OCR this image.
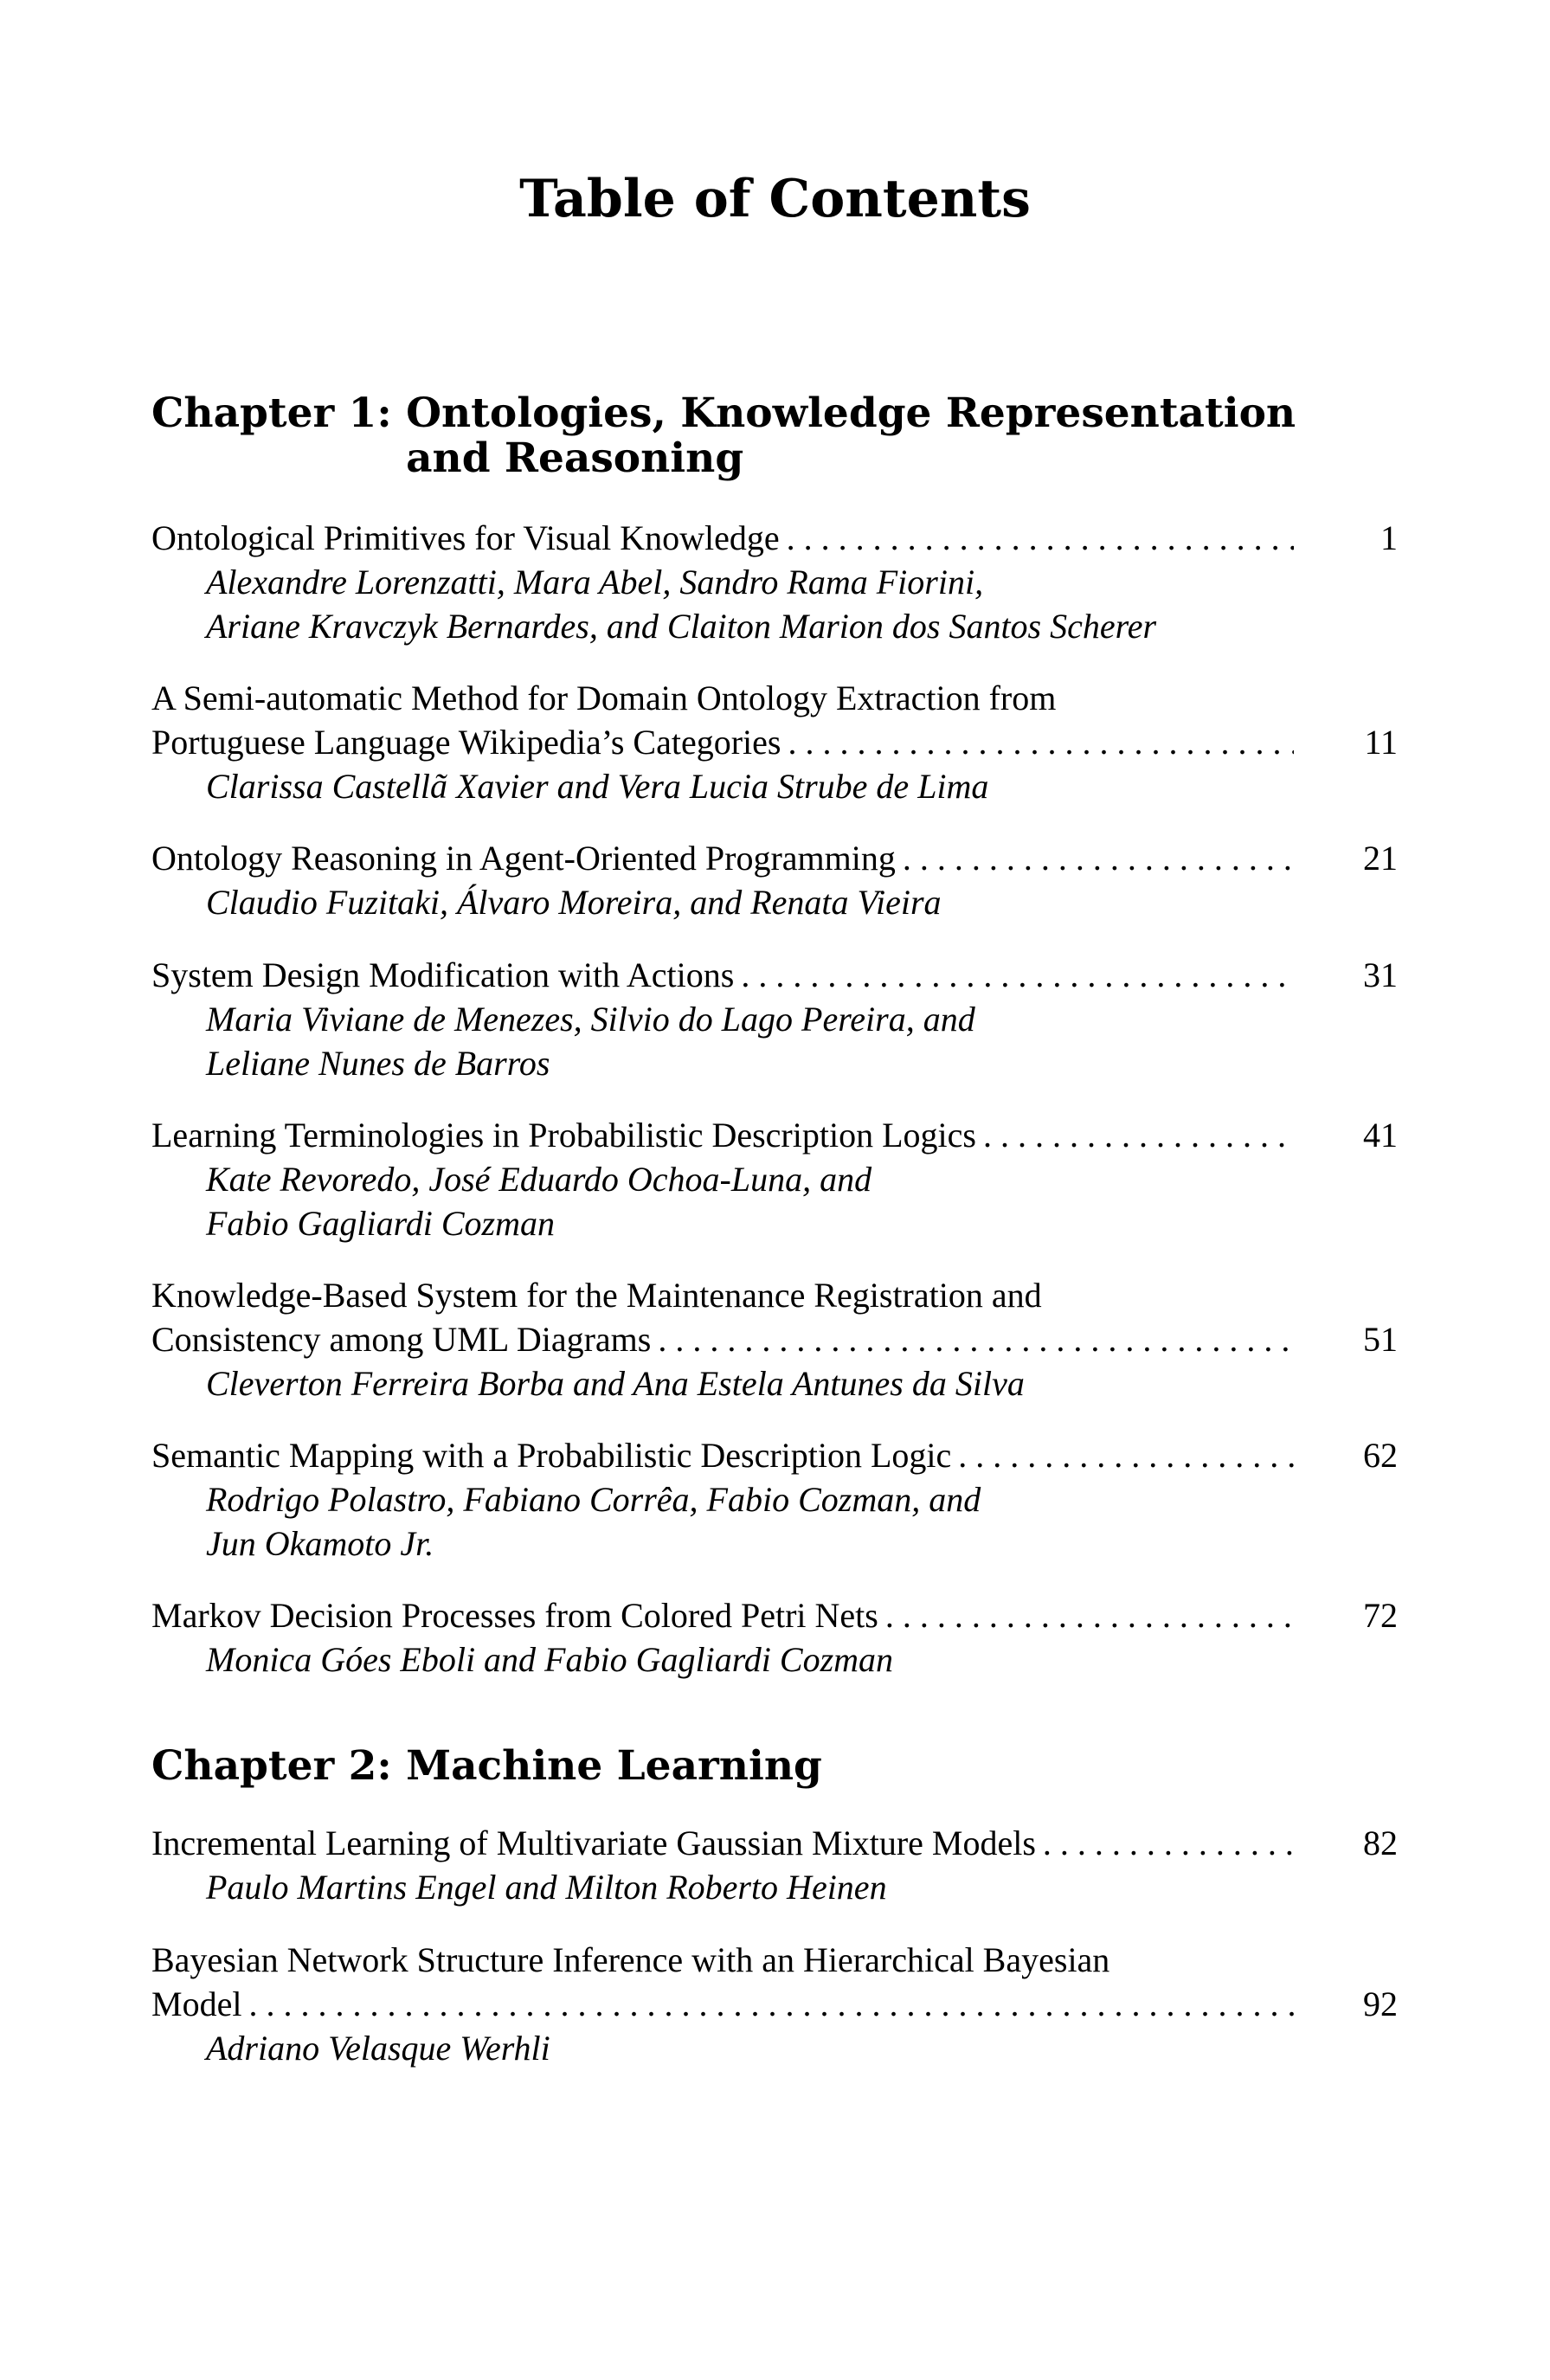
Table of Contents
Chapter 1: Ontologies, Knowledge Representation
and Reasoning
Ontological Primitives for Visual Knowledge . . .	1
Alexandre Lorenzatti, Mara Abel, Sandro Rama Fiorini,
Ariane Kravczyk Bernardes, and Claiton Marion dos Santos Scherer
A Semi-automatic Method for Domain Ontology Extraction from
Portuguese Language Wikipedia’s Categories . . .	11
Clarissa Castellã Xavier and Vera Lucia Strube de Lima
Ontology Reasoning in Agent-Oriented Programming . . .	21
Claudio Fuzitaki, Álvaro Moreira, and Renata Vieira
System Design Modification with Actions . . .	31
Maria Viviane de Menezes, Silvio do Lago Pereira, and
Leliane Nunes de Barros
Learning Terminologies in Probabilistic Description Logics . . .	41
Kate Revoredo, José Eduardo Ochoa-Luna, and
Fabio Gagliardi Cozman
Knowledge-Based System for the Maintenance Registration and
Consistency among UML Diagrams . . .	51
Cleverton Ferreira Borba and Ana Estela Antunes da Silva
Semantic Mapping with a Probabilistic Description Logic . . .	62
Rodrigo Polastro, Fabiano Corrêa, Fabio Cozman, and
Jun Okamoto Jr.
Markov Decision Processes from Colored Petri Nets . . .	72
Monica Góes Eboli and Fabio Gagliardi Cozman
Chapter 2: Machine Learning
Incremental Learning of Multivariate Gaussian Mixture Models . . .	82
Paulo Martins Engel and Milton Roberto Heinen
Bayesian Network Structure Inference with an Hierarchical Bayesian
Model . . .	92
Adriano Velasque Werhli
